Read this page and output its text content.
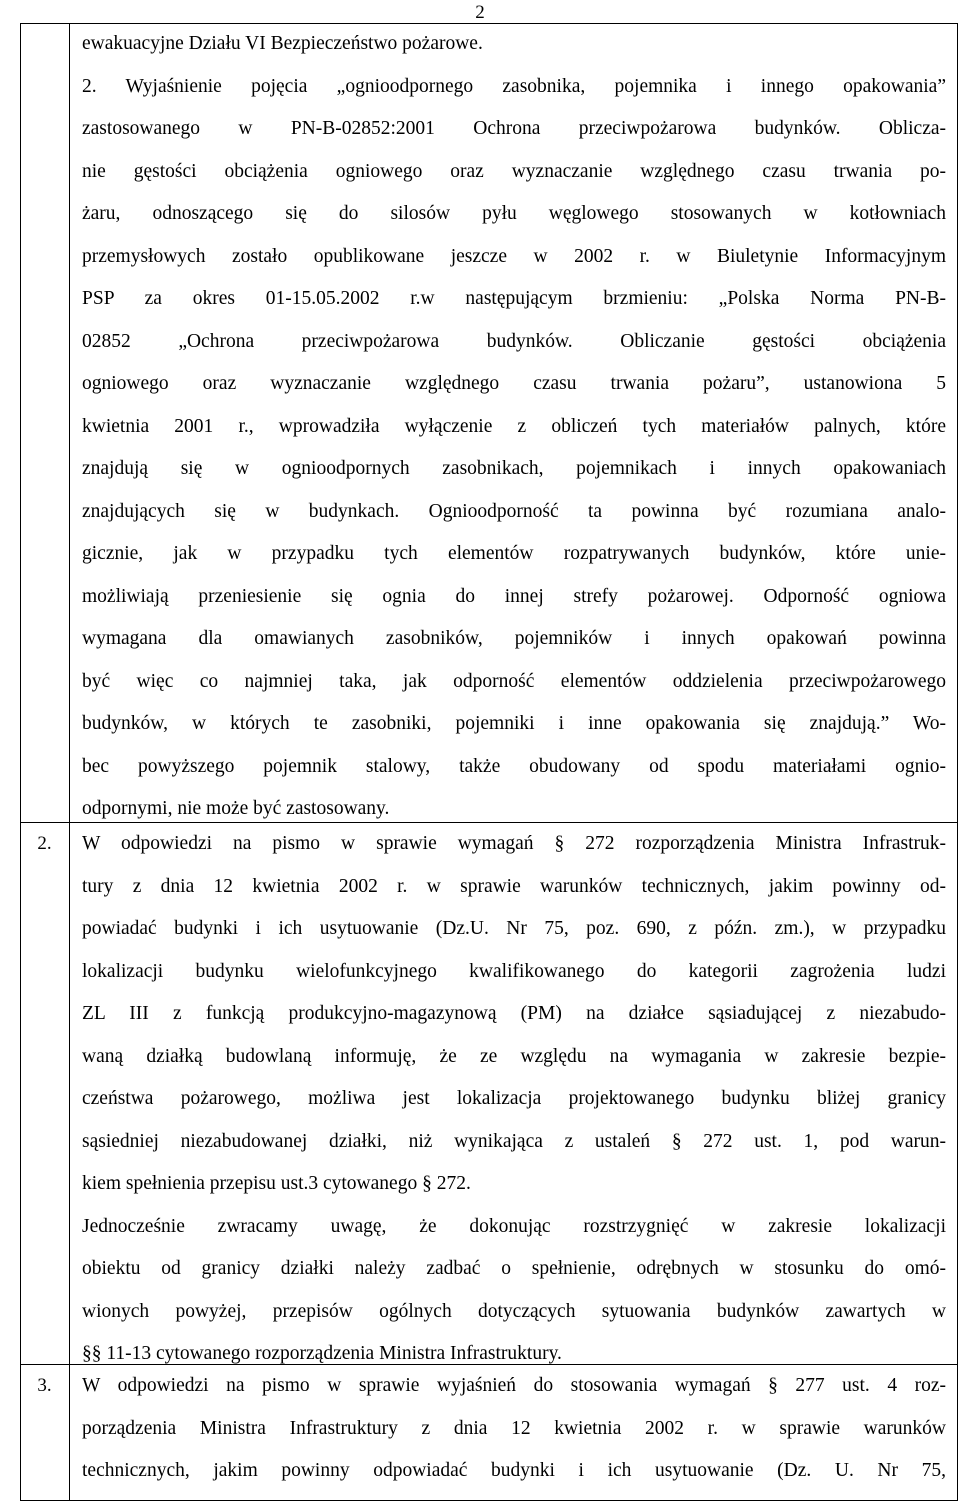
2
2.
3.
ewakuacyjne Działu VI Bezpieczeństwo pożarowe.
2. Wyjaśnienie pojęcia „ognioodpornego zasobnika, pojemnika i innego opakowania”
zastosowanego w PN-B-02852:2001 Ochrona przeciwpożarowa budynków. Oblicza-
nie gęstości obciążenia ogniowego oraz wyznaczanie względnego czasu trwania po-
żaru, odnoszącego się do silosów pyłu węglowego stosowanych w kotłowniach
przemysłowych zostało opublikowane jeszcze w 2002 r. w Biuletynie Informacyjnym
PSP za okres 01-15.05.2002 r.w następującym brzmieniu: „Polska Norma PN-B-
02852 „Ochrona przeciwpożarowa budynków. Obliczanie gęstości obciążenia
ogniowego oraz wyznaczanie względnego czasu trwania pożaru”, ustanowiona 5
kwietnia 2001 r., wprowadziła wyłączenie z obliczeń tych materiałów palnych, które
znajdują się w ognioodpornych zasobnikach, pojemnikach i innych opakowaniach
znajdujących się w budynkach. Ognioodporność ta powinna być rozumiana analo-
gicznie, jak w przypadku tych elementów rozpatrywanych budynków, które unie-
możliwiają przeniesienie się ognia do innej strefy pożarowej. Odporność ogniowa
wymagana dla omawianych zasobników, pojemników i innych opakowań powinna
być więc co najmniej taka, jak odporność elementów oddzielenia przeciwpożarowego
budynków, w których te zasobniki, pojemniki i inne opakowania się znajdują.” Wo-
bec powyższego pojemnik stalowy, także obudowany od spodu materiałami ognio-
odpornymi, nie może być zastosowany.
W odpowiedzi na pismo w sprawie wymagań § 272 rozporządzenia Ministra Infrastruk-
tury z dnia 12 kwietnia 2002 r. w sprawie warunków technicznych, jakim powinny od-
powiadać budynki i ich usytuowanie (Dz.U. Nr 75, poz. 690, z późn. zm.), w przypadku
lokalizacji budynku wielofunkcyjnego kwalifikowanego do kategorii zagrożenia ludzi
ZL III z funkcją produkcyjno-magazynową (PM) na działce sąsiadującej z niezabudo-
waną działką budowlaną informuję, że ze względu na wymagania w zakresie bezpie-
czeństwa pożarowego, możliwa jest lokalizacja projektowanego budynku bliżej granicy
sąsiedniej niezabudowanej działki, niż wynikająca z ustaleń § 272 ust. 1, pod warun-
kiem spełnienia przepisu ust.3 cytowanego § 272.
Jednocześnie zwracamy uwagę, że dokonując rozstrzygnięć w zakresie lokalizacji
obiektu od granicy działki należy zadbać o spełnienie, odrębnych w stosunku do omó-
wionych powyżej, przepisów ogólnych dotyczących sytuowania budynków zawartych w
§§ 11-13 cytowanego rozporządzenia Ministra Infrastruktury.
W odpowiedzi na pismo w sprawie wyjaśnień do stosowania wymagań § 277 ust. 4 roz-
porządzenia Ministra Infrastruktury z dnia 12 kwietnia 2002 r. w sprawie warunków
technicznych, jakim powinny odpowiadać budynki i ich usytuowanie (Dz. U. Nr 75,
